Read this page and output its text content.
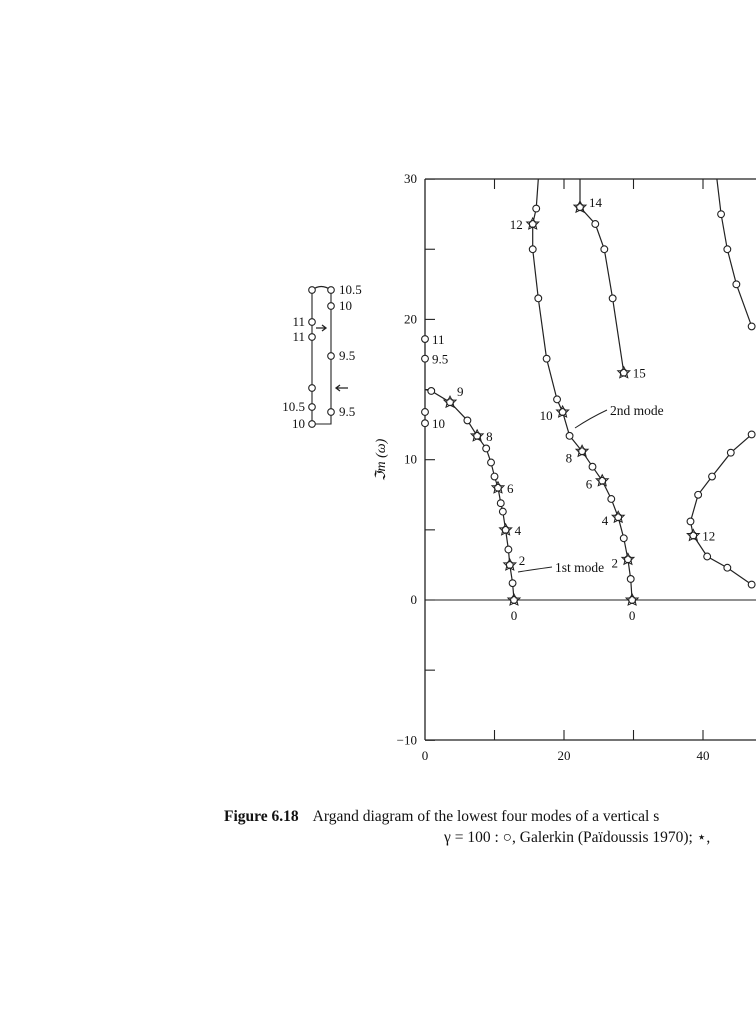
0	20	40
30
20
10
0
−10
9
8
6
4
2
0
12
10
8
6
4
2
0
14
15
12
11
9.5
10
11
11
10.5
10
10.5
10
9.5
9.5
ℑm (ω)
1st mode
2nd mode
Figure 6.18 Argand diagram of the lowest four modes of a vertical s
γ = 100 : ○, Galerkin (Païdoussis 1970); ⋆,
